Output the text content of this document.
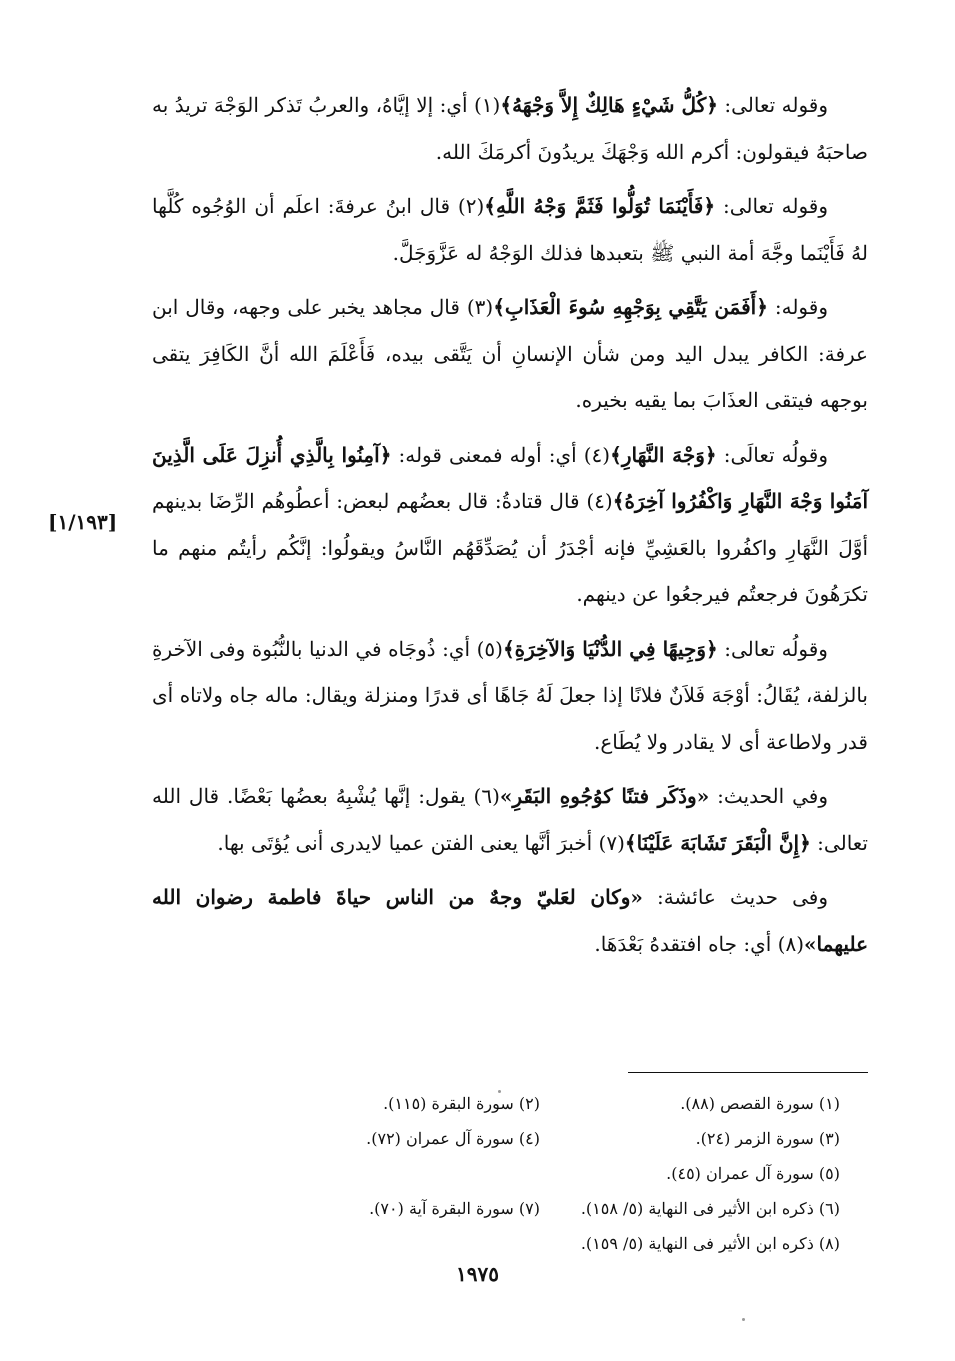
وقوله تعالى: ﴿كُلُّ شَيْءٍ هَالِكٌ إِلاَّ وَجْهَهُ﴾(١) أي: إلا إيَّاهُ، والعربُ تَذكر الوَجْهَ تريدُ به صاحبَهُ فيقولون: أكرم الله وَجْهَكَ يريدُونَ أكرمَكَ الله.

وقوله تعالى: ﴿فَأَيْنَمَا تُوَلُّوا فَثَمَّ وَجْهُ اللَّهِ﴾(٢) قال ابنُ عرفةَ: اعلَم أن الوُجُوه كُلَّها لهُ فَأَيْنَما وجَّهَ أمة النبي ﷺ بتعبدها فذلك الوَجْهُ له عَزَّوَجَلَّ.

وقوله: ﴿أَفَمَن يَتَّقِي بِوَجْهِهِ سُوءَ الْعَذَابِ﴾(٣) قال مجاهد يخبر على وجهه، وقال ابن عرفة: الكافر يبدل اليد ومن شأن الإنسانِ أن يَتَّقى بيده، فَأَعْلَمَ الله أنَّ الكَافِرَ يتقى بوجهه فيتقى العذَابَ بما يقيه بخيره.

وقولُه تعالَى: ﴿وَجْهَ النَّهَارِ﴾(٤) أي: أوله فمعنى قوله: ﴿آمِنُوا بِالَّذِي أُنزِلَ عَلَى الَّذِينَ آمَنُوا وَجْهَ النَّهَارِ وَاكْفُرُوا آخِرَهُ﴾(٤) قال قتادةُ: قال بعضُهم لبعض: أعطُوهُم الرِّضَا بدينهم أوَّلَ النَّهَارِ واكفُروا بالعَشِيِّ فإنه أجْدَرُ أن يُصَدِّقَهُم النَّاسُ ويقولُوا: إنَّكُم رأيتُم منهم ما تكرَهُونَ فرجعتُم فيرجعُوا عن دينهم.

وقولُه تعالى: ﴿وَجِيهًا فِي الدُّنْيَا وَالآخِرَةِ﴾(٥) أي: ذُوجَاه في الدنيا بالنُّبُوة وفى الآخرةِ بالزلفة، يُقَالُ: أوْجَهَ فَلاَنٌ فلانًا إذا جعلَ لَهُ جَاهًا أى قدرًا ومنزلة ويقال: ماله جاه ولاتاه أى قدر ولاطاعة أى لا يقادر ولا يُطَاع.

وفي الحديث: «وذَكَر فتنًا كوُجُوهِ البَقَرِ»(٦) يقول: إنَّها يُشْبِهُ بعضُها بَعْضًا. قال الله تعالى: ﴿إِنَّ الْبَقَرَ تَشَابَهَ عَلَيْنَا﴾(٧) أخبرَ أنَّها يعنى الفتن عميا لايدرى أنى يُؤتَى بها.

وفى حديث عائشة: «وكان لعَليّ وجهٌ من الناس حياةَ فاطمة رضوان الله عليهما»(٨) أي: جاه افتقدهُ بَعْدَهَا.

[١/١٩٣]
(١) سورة القصص (٨٨).
(٢) سورة البقرة (١١٥).
(٣) سورة الزمر (٢٤).
(٤) سورة آل عمران (٧٢).
(٥) سورة آل عمران (٤٥).
(٦) ذكره ابن الأثير فى النهاية (٥/ ١٥٨).
(٧) سورة البقرة آية (٧٠).
(٨) ذكره ابن الأثير فى النهاية (٥/ ١٥٩).
١٩٧٥
